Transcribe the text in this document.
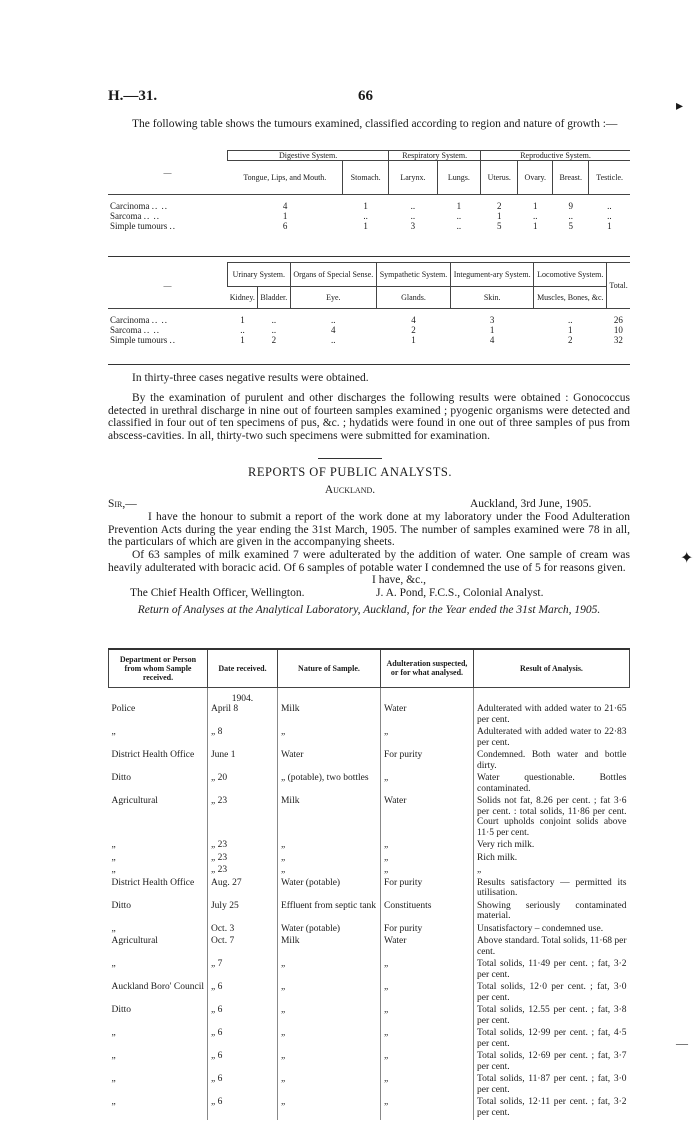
H.—31.	66
The following table shows the tumours examined, classified according to region and nature of growth :—
—	Digestive System.		Respiratory System.		Reproductive System.			
	Tongue, Lips, and Mouth.	Stomach.	Larynx.	Lungs.	Uterus.	Ovary.	Breast.	Testicle.

Carcinoma .. ..	4	1	..	1	2	1	9	..
Sarcoma .. ..	1	..	..	..	1	..	..	..
Simple tumours ..	6	1	3	..	5	1	5	1
—	Urinary System.		Organs of Special Sense.	Sympathetic System.	Integument-ary System.	Locomotive System.	Total.
	Kidney.	Bladder.	Eye.	Glands.	Skin.	Muscles, Bones, &c.	

Carcinoma .. ..	1	..	..	4	3	..	26
Sarcoma .. ..	..	..	4	2	1	1	10
Simple tumours ..	1	2	..	1	4	2	32
In thirty-three cases negative results were obtained.
By the examination of purulent and other discharges the following results were obtained : Gonococcus detected in urethral discharge in nine out of fourteen samples examined ; pyogenic organisms were detected and classified in four out of ten specimens of pus, &c. ; hydatids were found in one out of three samples of pus from abscess-cavities. In all, thirty-two such specimens were submitted for examination.
REPORTS OF PUBLIC ANALYSTS.
Auckland.
Sir,—	Auckland, 3rd June, 1905.
I have the honour to submit a report of the work done at my laboratory under the Food Adulteration Prevention Acts during the year ending the 31st March, 1905. The number of samples examined were 78 in all, the particulars of which are given in the accompanying sheets.
Of 63 samples of milk examined 7 were adulterated by the addition of water. One sample of cream was heavily adulterated with boracic acid. Of 6 samples of potable water I condemned the use of 5 for reasons given.
I have, &c.,
The Chief Health Officer, Wellington.	J. A. Pond, F.C.S., Colonial Analyst.
Return of Analyses at the Analytical Laboratory, Auckland, for the Year ended the 31st March, 1905.
Department or Person from whom Sample received.	Date received.	Nature of Sample.	Adulteration suspected, or for what analysed.	Result of Analysis.
	1904.			
Police	April 8	Milk	Water	Adulterated with added water to 21·65 per cent.
„	„ 8	„	„	Adulterated with added water to 22·83 per cent.
District Health Office	June 1	Water	For purity	Condemned. Both water and bottle dirty.
Ditto	„ 20	„ (potable), two bottles	„	Water questionable. Bottles contaminated.
Agricultural	„ 23	Milk	Water	Solids not fat, 8.26 per cent. ; fat 3·6 per cent. : total solids, 11·86 per cent. Court upholds conjoint solids above 11·5 per cent.
„	„ 23	„	„	Very rich milk.
„	„ 23	„	„	Rich milk.
„	„ 23	„	„	„
District Health Office	Aug. 27	Water (potable)	For purity	Results satisfactory — permitted its utilisation.
Ditto	July 25	Effluent from septic tank	Constituents	Showing seriously contaminated material.
„	Oct. 3	Water (potable)	For purity	Unsatisfactory – condemned use.
Agricultural	Oct. 7	Milk	Water	Above standard. Total solids, 11·68 per cent.
„	„ 7	„	„	Total solids, 11·49 per cent. ; fat, 3·2 per cent.
Auckland Boro' Council	„ 6	„	„	Total solids, 12·0 per cent. ; fat, 3·0 per cent.
Ditto	„ 6	„	„	Total solids, 12.55 per cent. ; fat, 3·8 per cent.
„	„ 6	„	„	Total solids, 12·99 per cent. ; fat, 4·5 per cent.
„	„ 6	„	„	Total solids, 12·69 per cent. ; fat, 3·7 per cent.
„	„ 6	„	„	Total solids, 11·87 per cent. ; fat, 3·0 per cent.
„	„ 6	„	„	Total solids, 12·11 per cent. ; fat, 3·2 per cent.
▸
✦
—
